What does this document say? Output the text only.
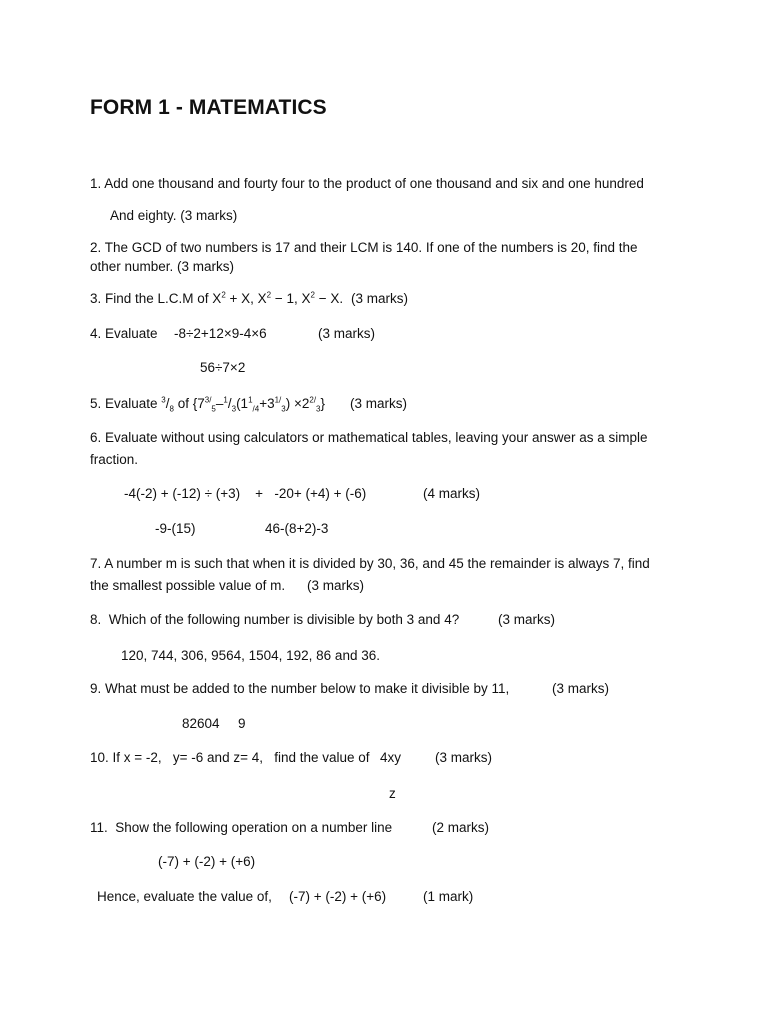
FORM 1 - MATEMATICS
1. Add one thousand and fourty four to the product of one thousand and six and one hundred
And eighty. (3 marks)
2. The GCD of two numbers is 17 and their LCM is 140. If one of the numbers is 20, find the
other number. (3 marks)
3. Find the L.C.M of $X^2 + X$, $X^2 - 1$, $X^2 - X$. (3 marks)
4. Evaluate -8÷2+12×9-4×6	(3 marks)
56÷7×2
5. Evaluate $^3/_8$ of $\{7^{3/}_5-^1/_3(1^1_{/4}+3^{1/}_3) \times 2^{2/}_3\}$ (3 marks)
6. Evaluate without using calculators or mathematical tables, leaving your answer as a simple
fraction.
-4(-2) + (-12) ÷ (+3)    +   -20+ (+4) + (-6)	(4 marks)
-9-(15)	46-(8+2)-3
7. A number m is such that when it is divided by 30, 36, and 45 the remainder is always 7, find
the smallest possible value of m. (3 marks)
8.  Which of the following number is divisible by both 3 and 4?	(3 marks)
120, 744, 306, 9564, 1504, 192, 86 and 36.
9. What must be added to the number below to make it divisible by 11,	(3 marks)
82604 9
10. If x = -2,   y= -6 and z= 4,   find the value of 4xy	(3 marks)
z
11.  Show the following operation on a number line	(2 marks)
(-7) + (-2) + (+6)
Hence, evaluate the value of, (-7) + (-2) + (+6)	(1 mark)
